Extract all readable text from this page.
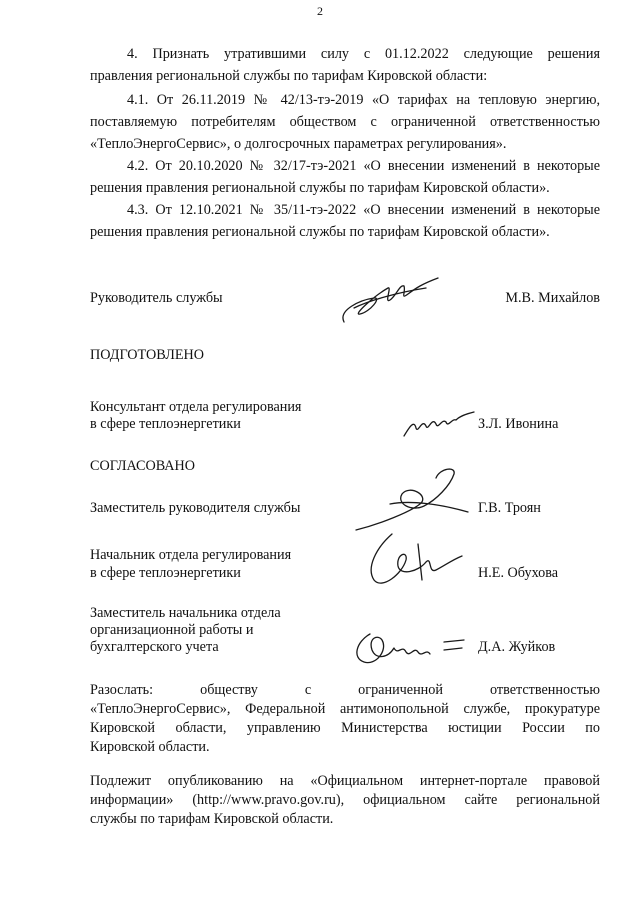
2
4. Признать утратившими силу с 01.12.2022 следующие решения
правления региональной службы по тарифам Кировской области:
4.1. От 26.11.2019 № 42/13-тэ-2019 «О тарифах на тепловую энергию,
поставляемую потребителям обществом с ограниченной ответственностью
«ТеплоЭнергоСервис», о долгосрочных параметрах регулирования».
4.2. От 20.10.2020 № 32/17-тэ-2021 «О внесении изменений в некоторые
решения правления региональной службы по тарифам Кировской области».
4.3. От 12.10.2021 № 35/11-тэ-2022 «О внесении изменений в некоторые
решения правления региональной службы по тарифам Кировской области».
Руководитель службы	М.В. Михайлов
ПОДГОТОВЛЕНО
Консультант отдела регулирования
в сфере теплоэнергетики	З.Л. Ивонина
СОГЛАСОВАНО
Заместитель руководителя службы	Г.В. Троян
Начальник отдела регулирования
в сфере теплоэнергетики	Н.Е. Обухова
Заместитель начальника отдела
организационной работы и
бухгалтерского учета	Д.А. Жуйков
Разослать: обществу с ограниченной ответственностью
«ТеплоЭнергоСервис», Федеральной антимонопольной службе, прокуратуре
Кировской области, управлению Министерства юстиции России по
Кировской области.
Подлежит опубликованию на «Официальном интернет-портале правовой
информации» (http://www.pravo.gov.ru), официальном сайте региональной
службы по тарифам Кировской области.
